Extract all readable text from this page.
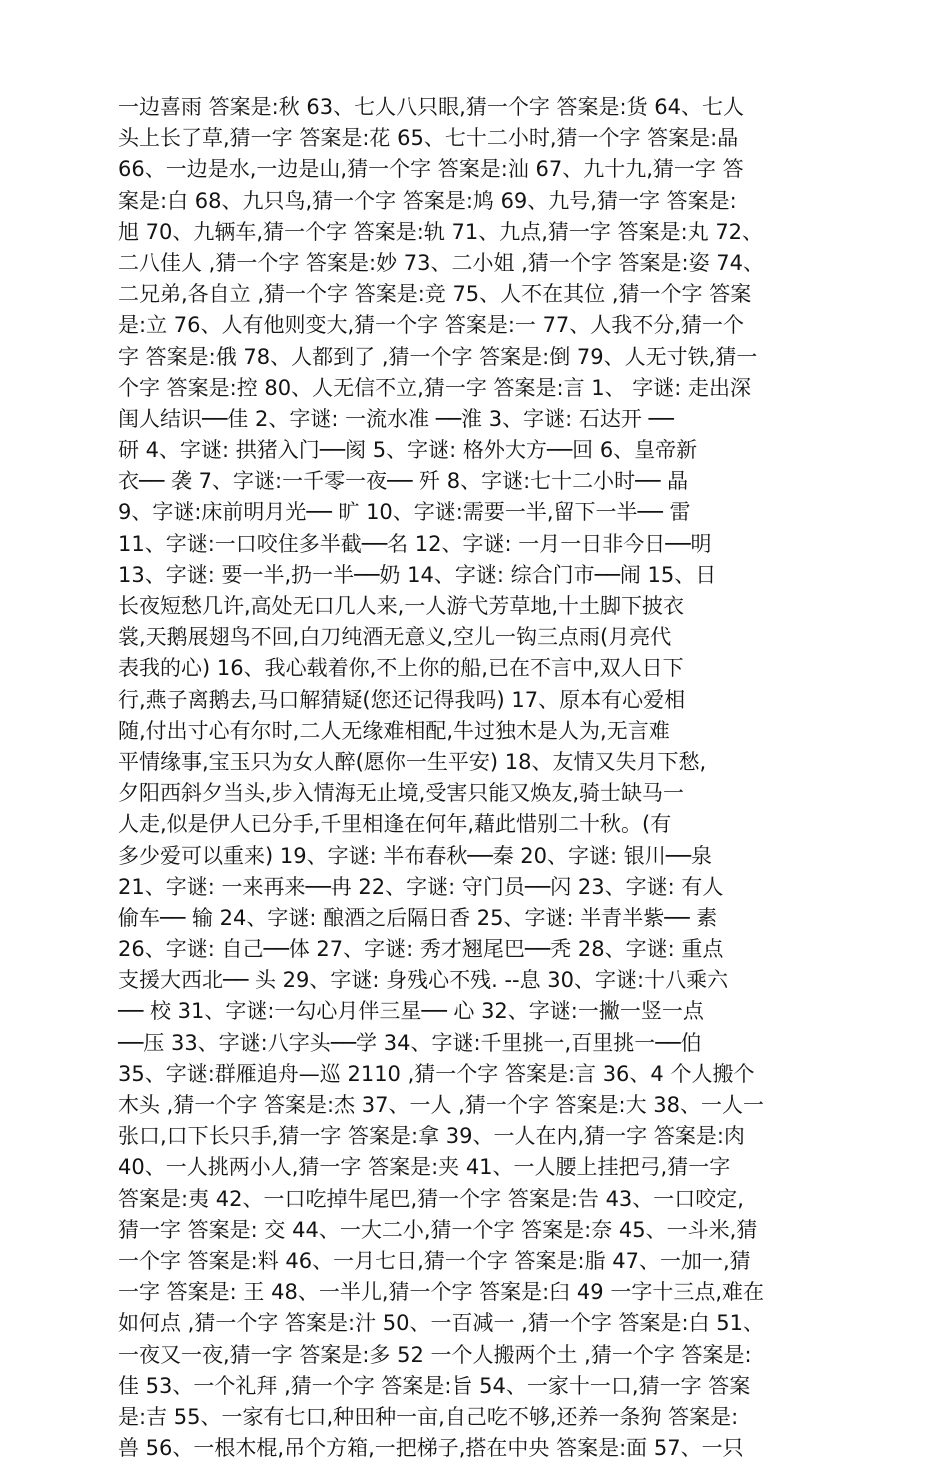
一边喜雨 答案是:秋 63、七人八只眼,猜一个字 答案是:货 64、七人
头上长了草,猜一字 答案是:花 65、七十二小时,猜一个字 答案是:晶
66、一边是水,一边是山,猜一个字 答案是:汕 67、九十九,猜一字 答
案是:白 68、九只鸟,猜一个字 答案是:鸠 69、九号,猜一字 答案是:
旭 70、九辆车,猜一个字 答案是:轨 71、九点,猜一字 答案是:丸 72、
二八佳人 ,猜一个字 答案是:妙 73、二小姐 ,猜一个字 答案是:姿 74、
二兄弟,各自立 ,猜一个字 答案是:竞 75、人不在其位 ,猜一个字 答案
是:立 76、人有他则变大,猜一个字 答案是:一 77、人我不分,猜一个
字 答案是:俄 78、人都到了 ,猜一个字 答案是:倒 79、人无寸铁,猜一
个字 答案是:控 80、人无信不立,猜一字 答案是:言 1、 字谜: 走出深
闺人结识──佳 2、字谜: 一流水准 ──淮 3、字谜: 石达开 ──
研 4、字谜: 拱猪入门──阂 5、字谜: 格外大方──回 6、皇帝新
衣── 袭 7、字谜:一千零一夜── 歼 8、字谜:七十二小时── 晶
9、字谜:床前明月光── 旷 10、字谜:需要一半,留下一半── 雷
11、字谜:一口咬住多半截──名 12、字谜: 一月一日非今日──明
13、字谜: 要一半,扔一半──奶 14、字谜: 综合门市──闹 15、日
长夜短愁几许,高处无口几人来,一人游弋芳草地,十土脚下披衣
裳,天鹅展翅鸟不回,白刀纯酒无意义,空儿一钩三点雨(月亮代
表我的心) 16、我心载着你,不上你的船,已在不言中,双人日下
行,燕子离鹅去,马口解猜疑(您还记得我吗) 17、原本有心爱相
随,付出寸心有尔时,二人无缘难相配,牛过独木是人为,无言难
平情缘事,宝玉只为女人醉(愿你一生平安) 18、友情又失月下愁,
夕阳西斜夕当头,步入情海无止境,受害只能又焕友,骑士缺马一
人走,似是伊人已分手,千里相逢在何年,藉此惜别二十秋。(有
多少爱可以重来) 19、字谜: 半布春秋──秦 20、字谜: 银川──泉
21、字谜: 一来再来──冉 22、字谜: 守门员──闪 23、字谜: 有人
偷车── 输 24、字谜: 酿酒之后隔日香 25、字谜: 半青半紫── 素
26、字谜: 自己──体 27、字谜: 秀才翘尾巴──秃 28、字谜: 重点
支援大西北── 头 29、字谜: 身残心不残. --息 30、字谜:十八乘六
── 校 31、字谜:一勾心月伴三星── 心 32、字谜:一撇一竖一点
──压 33、字谜:八字头──学 34、字谜:千里挑一,百里挑一──伯
35、字谜:群雁追舟—巡 2110 ,猜一个字 答案是:言 36、4 个人搬个
木头 ,猜一个字 答案是:杰 37、一人 ,猜一个字 答案是:大 38、一人一
张口,口下长只手,猜一字 答案是:拿 39、一人在内,猜一字 答案是:肉
40、一人挑两小人,猜一字 答案是:夹 41、一人腰上挂把弓,猜一字
答案是:夷 42、一口吃掉牛尾巴,猜一个字 答案是:告 43、一口咬定,
猜一字 答案是: 交 44、一大二小,猜一个字 答案是:奈 45、一斗米,猜
一个字 答案是:料 46、一月七日,猜一个字 答案是:脂 47、一加一,猜
一字 答案是: 王 48、一半儿,猜一个字 答案是:臼 49 一字十三点,难在
如何点 ,猜一个字 答案是:汁 50、一百减一 ,猜一个字 答案是:白 51、
一夜又一夜,猜一字 答案是:多 52 一个人搬两个土 ,猜一个字 答案是:
佳 53、一个礼拜 ,猜一个字 答案是:旨 54、一家十一口,猜一字 答案
是:吉 55、一家有七口,种田种一亩,自己吃不够,还养一条狗 答案是:
兽 56、一根木棍,吊个方箱,一把梯子,搭在中央 答案是:面 57、一只
